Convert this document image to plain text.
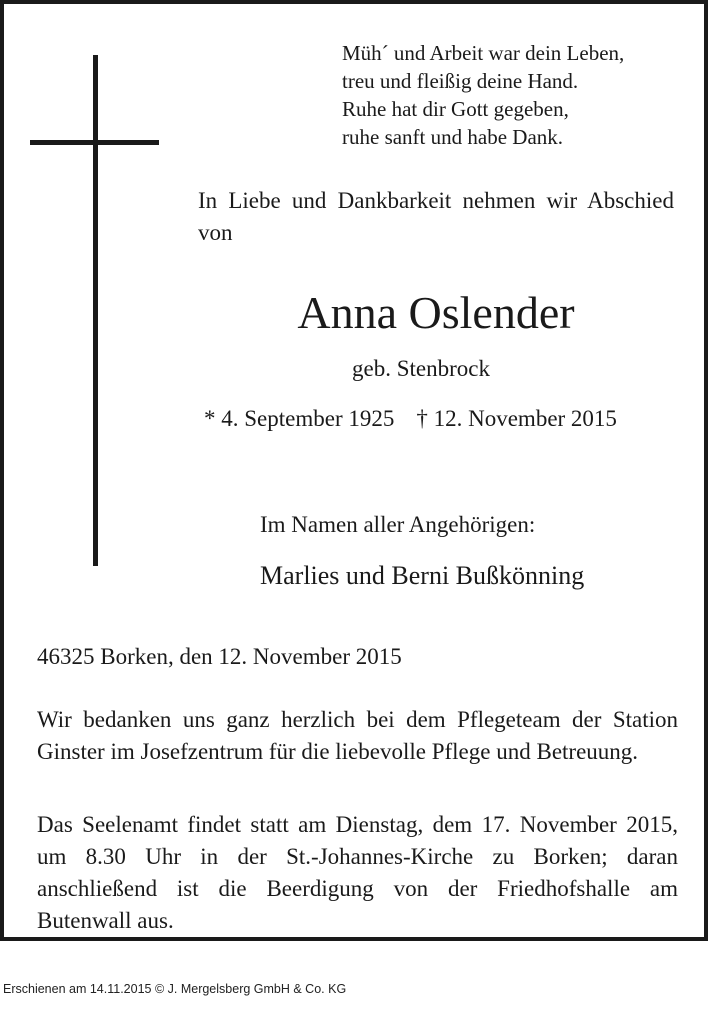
Müh´ und Arbeit war dein Leben,
treu und fleißig deine Hand.
Ruhe hat dir Gott gegeben,
ruhe sanft und habe Dank.
In Liebe und Dankbarkeit nehmen wir Abschied von
Anna Oslender
geb. Stenbrock
* 4. September 1925 † 12. November 2015
Im Namen aller Angehörigen:
Marlies und Berni Bußkönning
46325 Borken, den 12. November 2015
Wir bedanken uns ganz herzlich bei dem Pflegeteam der Station Ginster im Josefzentrum für die liebevolle Pflege und Betreuung.
Das Seelenamt findet statt am Dienstag, dem 17. November 2015, um 8.30 Uhr in der St.-Johannes-Kirche zu Borken; daran anschließend ist die Beerdigung von der Friedhofshalle am Butenwall aus.
Erschienen am 14.11.2015 © J. Mergelsberg GmbH & Co. KG
